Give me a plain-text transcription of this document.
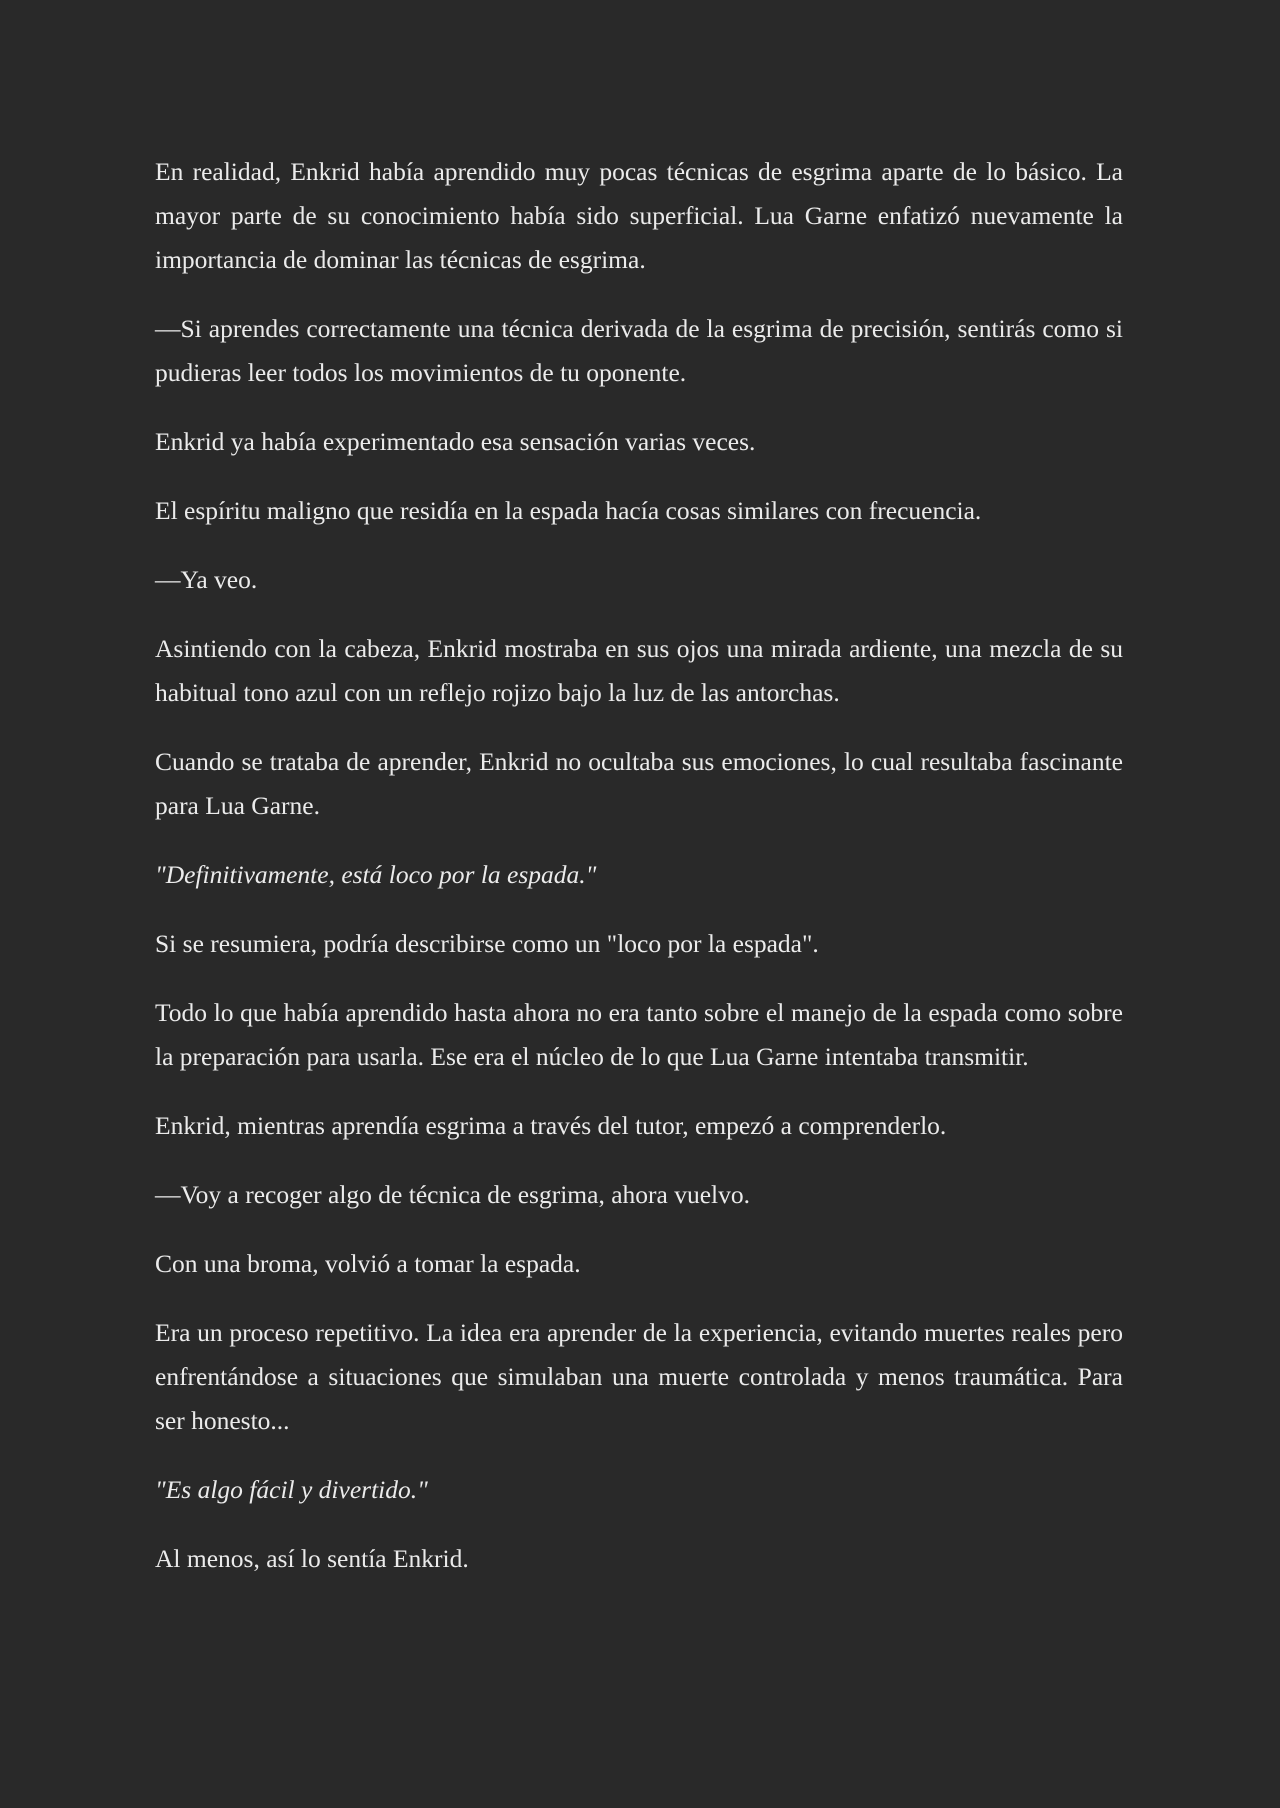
En realidad, Enkrid había aprendido muy pocas técnicas de esgrima aparte de lo básico. La mayor parte de su conocimiento había sido superficial. Lua Garne enfatizó nuevamente la importancia de dominar las técnicas de esgrima.

—Si aprendes correctamente una técnica derivada de la esgrima de precisión, sentirás como si pudieras leer todos los movimientos de tu oponente.

Enkrid ya había experimentado esa sensación varias veces.

El espíritu maligno que residía en la espada hacía cosas similares con frecuencia.

—Ya veo.

Asintiendo con la cabeza, Enkrid mostraba en sus ojos una mirada ardiente, una mezcla de su habitual tono azul con un reflejo rojizo bajo la luz de las antorchas.

Cuando se trataba de aprender, Enkrid no ocultaba sus emociones, lo cual resultaba fascinante para Lua Garne.

"Definitivamente, está loco por la espada."

Si se resumiera, podría describirse como un "loco por la espada".

Todo lo que había aprendido hasta ahora no era tanto sobre el manejo de la espada como sobre la preparación para usarla. Ese era el núcleo de lo que Lua Garne intentaba transmitir.

Enkrid, mientras aprendía esgrima a través del tutor, empezó a comprenderlo.

—Voy a recoger algo de técnica de esgrima, ahora vuelvo.

Con una broma, volvió a tomar la espada.

Era un proceso repetitivo. La idea era aprender de la experiencia, evitando muertes reales pero enfrentándose a situaciones que simulaban una muerte controlada y menos traumática. Para ser honesto...

"Es algo fácil y divertido."

Al menos, así lo sentía Enkrid.
